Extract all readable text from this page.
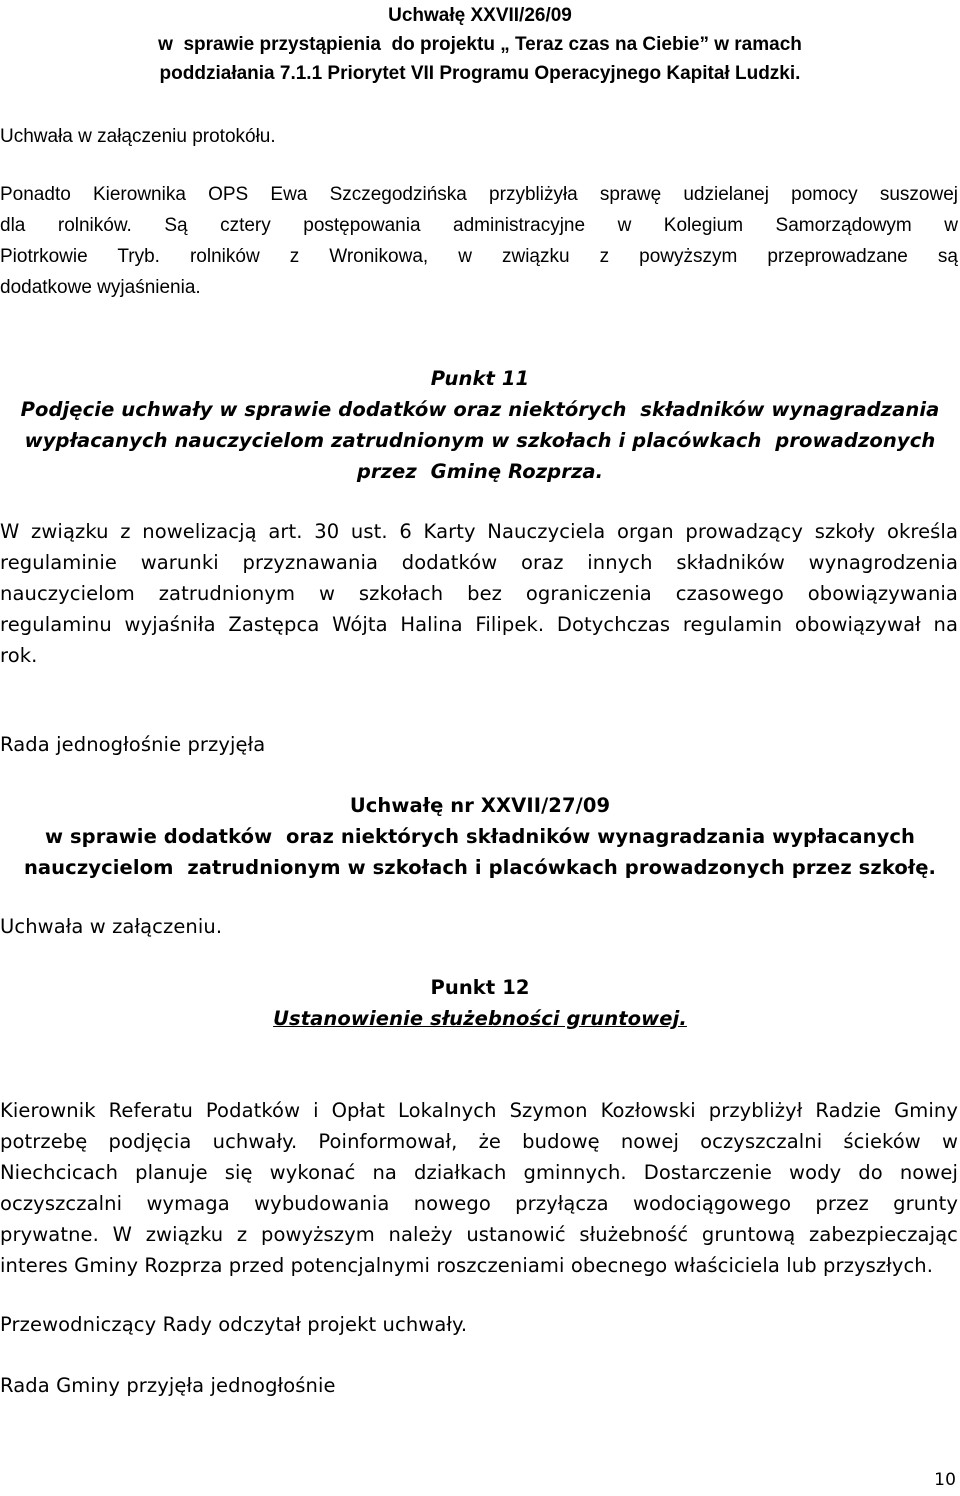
Uchwałę XXVII/26/09
w  sprawie przystąpienia  do projektu „ Teraz czas na Ciebie” w ramach
poddziałania 7.1.1 Priorytet VII Programu Operacyjnego Kapitał Ludzki.
Uchwała w załączeniu protokółu.
Ponadto Kierownika OPS Ewa Szczegodzińska przybliżyła sprawę udzielanej pomocy suszowej
dla rolników. Są cztery postępowania administracyjne w Kolegium Samorządowym w
Piotrkowie Tryb. rolników z Wronikowa, w związku z powyższym przeprowadzane są
dodatkowe wyjaśnienia.
Punkt 11
Podjęcie uchwały w sprawie dodatków oraz niektórych  składników wynagradzania
wypłacanych nauczycielom zatrudnionym w szkołach i placówkach  prowadzonych
przez  Gminę Rozprza.
W związku z nowelizacją art. 30 ust. 6 Karty Nauczyciela organ prowadzący szkoły określa
regulaminie warunki przyznawania dodatków oraz innych składników wynagrodzenia
nauczycielom zatrudnionym w szkołach bez ograniczenia czasowego obowiązywania
regulaminu wyjaśniła Zastępca Wójta Halina Filipek. Dotychczas regulamin obowiązywał na
rok.
Rada jednogłośnie przyjęła
Uchwałę nr XXVII/27/09
w sprawie dodatków  oraz niektórych składników wynagradzania wypłacanych
nauczycielom  zatrudnionym w szkołach i placówkach prowadzonych przez szkołę.
Uchwała w załączeniu.
Punkt 12
Ustanowienie służebności gruntowej.
Kierownik Referatu Podatków i Opłat Lokalnych Szymon Kozłowski przybliżył Radzie Gminy
potrzebę podjęcia uchwały. Poinformował, że budowę nowej oczyszczalni ścieków w
Niechcicach planuje się wykonać na działkach gminnych. Dostarczenie wody do nowej
oczyszczalni wymaga wybudowania nowego przyłącza wodociągowego przez grunty
prywatne. W związku z powyższym należy ustanowić służebność gruntową zabezpieczając
interes Gminy Rozprza przed potencjalnymi roszczeniami obecnego właściciela lub przyszłych.
Przewodniczący Rady odczytał projekt uchwały.
Rada Gminy przyjęła jednogłośnie
10
